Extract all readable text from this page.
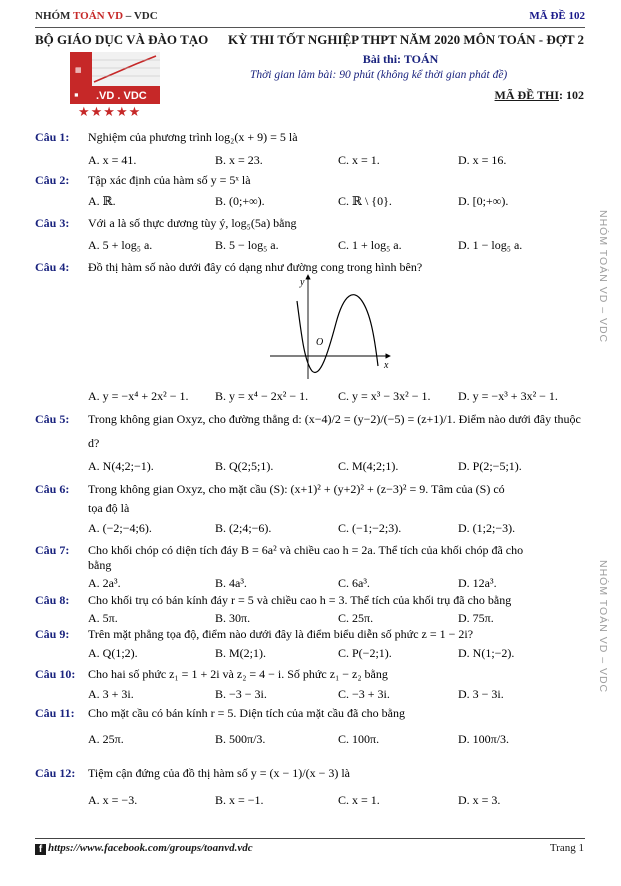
NHÓM TOÁN VD – VDC	MÃ ĐỀ 102
BỘ GIÁO DỤC VÀ ĐÀO TẠO
▦
▪ .VD . VDC
★★★★★
KỲ THI TỐT NGHIỆP THPT NĂM 2020 MÔN TOÁN - ĐỢT 2
Bài thi: TOÁN
Thời gian làm bài: 90 phút (không kể thời gian phát đề)
MÃ ĐỀ THI: 102
NHÓM TOÁN VD – VDC
NHÓM TOÁN VD – VDC
Câu 1: Nghiệm của phương trình log₂(x + 9) = 5 là
A. x = 41.	B. x = 23.	C. x = 1.	D. x = 16.
Câu 2: Tập xác định của hàm số y = 5ˣ là
A. ℝ.	B. (0;+∞).	C. ℝ \ {0}.	D. [0;+∞).
Câu 3: Với a là số thực dương tùy ý, log₅(5a) bằng
A. 5 + log₅ a.	B. 5 − log₅ a.	C. 1 + log₅ a.	D. 1 − log₅ a.
Câu 4: Đồ thị hàm số nào dưới đây có dạng như đường cong trong hình bên?
y
x
O
A. y = −x⁴ + 2x² − 1. B. y = x⁴ − 2x² − 1. C. y = x³ − 3x² − 1. D. y = −x³ + 3x² − 1.
Câu 5: Trong không gian Oxyz, cho đường thẳng d: (x−4)/2 = (y−2)/(−5) = (z+1)/1. Điểm nào dưới đây thuộc
d?
A. N(4;2;−1).	B. Q(2;5;1).	C. M(4;2;1).	D. P(2;−5;1).
Câu 6: Trong không gian Oxyz, cho mặt cầu (S): (x+1)² + (y+2)² + (z−3)² = 9. Tâm của (S) có
tọa độ là
A. (−2;−4;6).	B. (2;4;−6).	C. (−1;−2;3).	D. (1;2;−3).
Câu 7: Cho khối chóp có diện tích đáy B = 6a² và chiều cao h = 2a. Thể tích của khối chóp đã cho
bằng
A. 2a³.	B. 4a³.	C. 6a³.	D. 12a³.
Câu 8: Cho khối trụ có bán kính đáy r = 5 và chiều cao h = 3. Thể tích của khối trụ đã cho bằng
A. 5π.	B. 30π.	C. 25π.	D. 75π.
Câu 9: Trên mặt phẳng tọa độ, điểm nào dưới đây là điểm biểu diễn số phức z = 1 − 2i?
A. Q(1;2).	B. M(2;1).	C. P(−2;1).	D. N(1;−2).
Câu 10: Cho hai số phức z₁ = 1 + 2i và z₂ = 4 − i. Số phức z₁ − z₂ bằng
A. 3 + 3i.	B. −3 − 3i.	C. −3 + 3i.	D. 3 − 3i.
Câu 11: Cho mặt cầu có bán kính r = 5. Diện tích của mặt cầu đã cho bằng
A. 25π.	B. 500π/3.	C. 100π.	D. 100π/3.
Câu 12: Tiệm cận đứng của đồ thị hàm số y = (x − 1)/(x − 3) là
A. x = −3.	B. x = −1.	C. x = 1.	D. x = 3.
f https://www.facebook.com/groups/toanvd.vdc	Trang 1
